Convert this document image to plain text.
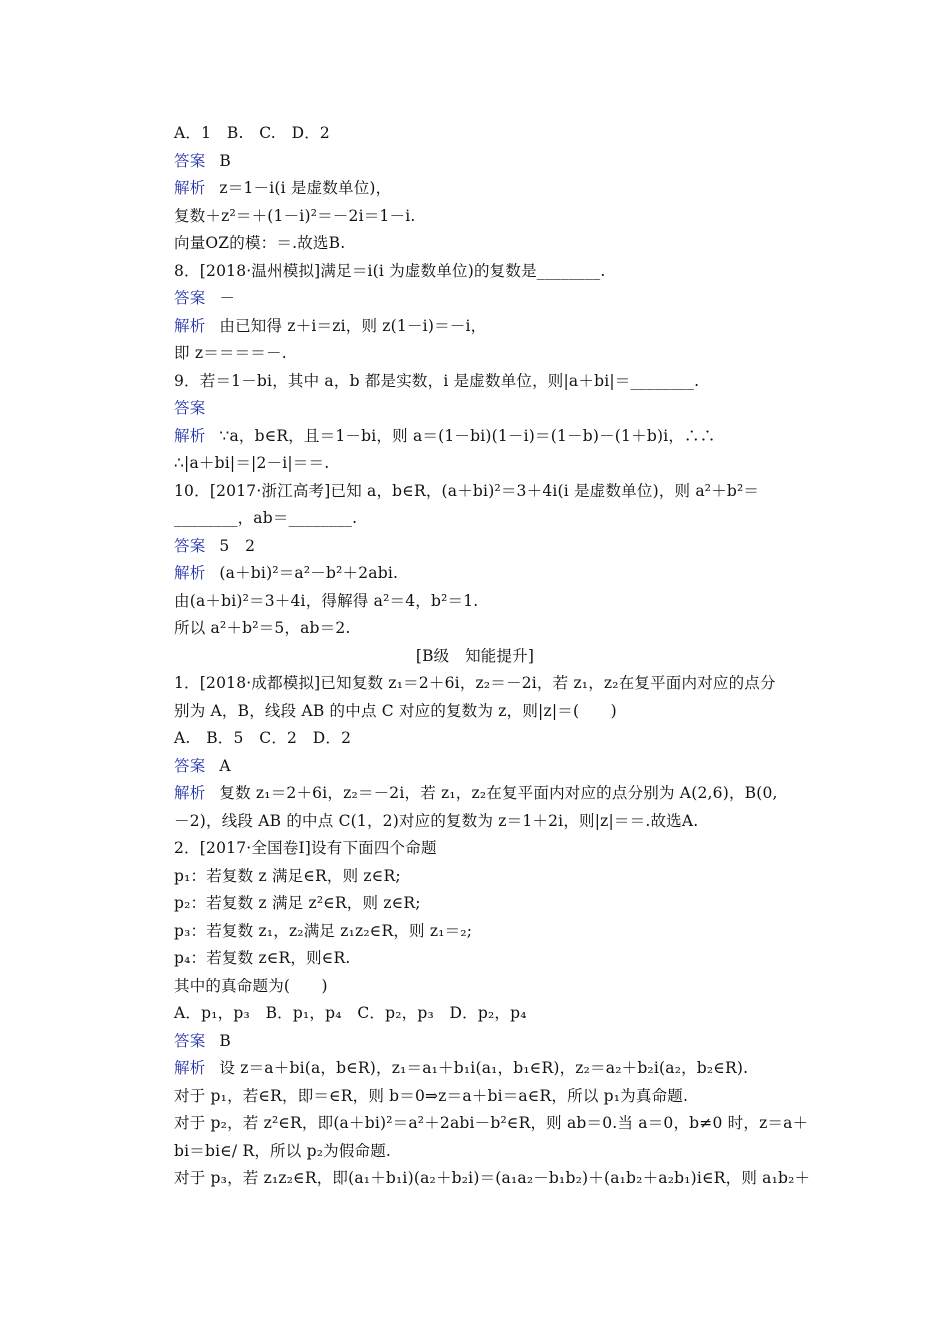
A．1　B.　C.　D．2
答案 B
解析 z＝1－i(i 是虚数单位)，
复数＋z²＝＋(1－i)²＝－2i＝1－i.
向量OZ的模：＝.故选B.
8．[2018·温州模拟]满足＝i(i 为虚数单位)的复数是________.
答案 －
解析 由已知得 z＋i＝zi，则 z(1－i)＝－i，
即 z＝＝＝＝－.
9．若＝1－bi，其中 a，b 都是实数，i 是虚数单位，则|a＋bi|＝________.
答案
解析 ∵a，b∈R，且＝1－bi，则 a＝(1－bi)(1－i)＝(1－b)－(1＋b)i，∴∴
∴|a＋bi|＝|2－i|＝＝.
10．[2017·浙江高考]已知 a，b∈R，(a＋bi)²＝3＋4i(i 是虚数单位)，则 a²＋b²＝
________，ab＝________.
答案 5　2
解析 (a＋bi)²＝a²－b²＋2abi.
由(a＋bi)²＝3＋4i，得解得 a²＝4，b²＝1.
所以 a²＋b²＝5，ab＝2.
[B级　知能提升]
1．[2018·成都模拟]已知复数 z₁＝2＋6i，z₂＝－2i，若 z₁，z₂在复平面内对应的点分
别为 A，B，线段 AB 的中点 C 对应的复数为 z，则|z|＝(　　)
A.　B．5　C．2　D．2
答案 A
解析 复数 z₁＝2＋6i，z₂＝－2i，若 z₁，z₂在复平面内对应的点分别为 A(2,6)，B(0,
－2)，线段 AB 的中点 C(1，2)对应的复数为 z＝1＋2i，则|z|＝＝.故选A.
2．[2017·全国卷Ⅰ]设有下面四个命题
p₁：若复数 z 满足∈R，则 z∈R;
p₂：若复数 z 满足 z²∈R，则 z∈R;
p₃：若复数 z₁，z₂满足 z₁z₂∈R，则 z₁＝₂;
p₄：若复数 z∈R，则∈R.
其中的真命题为(　　)
A．p₁，p₃　B．p₁，p₄　C．p₂，p₃　D．p₂，p₄
答案 B
解析 设 z＝a＋bi(a，b∈R)，z₁＝a₁＋b₁i(a₁，b₁∈R)，z₂＝a₂＋b₂i(a₂，b₂∈R).
对于 p₁，若∈R，即＝∈R，则 b＝0⇒z＝a＋bi＝a∈R，所以 p₁为真命题.
对于 p₂，若 z²∈R，即(a＋bi)²＝a²＋2abi－b²∈R，则 ab＝0.当 a＝0，b≠0 时，z＝a＋
bi＝bi∈/ R，所以 p₂为假命题.
对于 p₃，若 z₁z₂∈R，即(a₁＋b₁i)(a₂＋b₂i)＝(a₁a₂－b₁b₂)＋(a₁b₂＋a₂b₁)i∈R，则 a₁b₂＋
